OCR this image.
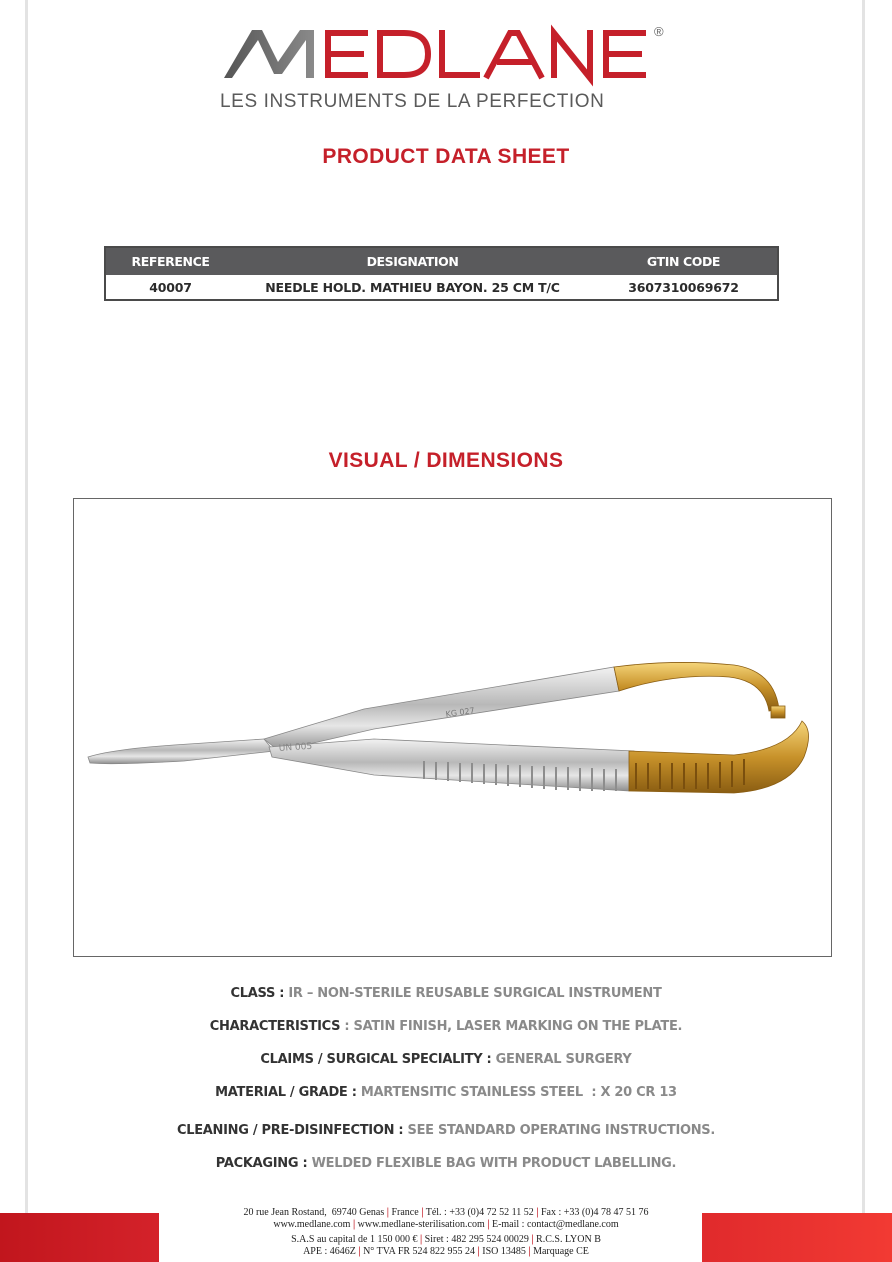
®
LES INSTRUMENTS DE LA PERFECTION
PRODUCT DATA SHEET
REFERENCE	DESIGNATION	GTIN CODE
40007	NEEDLE HOLD. MATHIEU BAYON. 25 CM T/C	3607310069672
VISUAL / DIMENSIONS
KG 027
UN 005
CLASS : IR – NON-STERILE REUSABLE SURGICAL INSTRUMENT
CHARACTERISTICS : SATIN FINISH, LASER MARKING ON THE PLATE.
CLAIMS / SURGICAL SPECIALITY : GENERAL SURGERY
MATERIAL / GRADE : MARTENSITIC STAINLESS STEEL  : X 20 CR 13
CLEANING / PRE-DISINFECTION : SEE STANDARD OPERATING INSTRUCTIONS.
PACKAGING : WELDED FLEXIBLE BAG WITH PRODUCT LABELLING.
20 rue Jean Rostand,  69740 Genas | France | Tél. : +33 (0)4 72 52 11 52 | Fax : +33 (0)4 78 47 51 76
www.medlane.com | www.medlane-sterilisation.com | E-mail : contact@medlane.com
S.A.S au capital de 1 150 000 € | Siret : 482 295 524 00029 | R.C.S. LYON B
APE : 4646Z | N° TVA FR 524 822 955 24 | ISO 13485 | Marquage CE
